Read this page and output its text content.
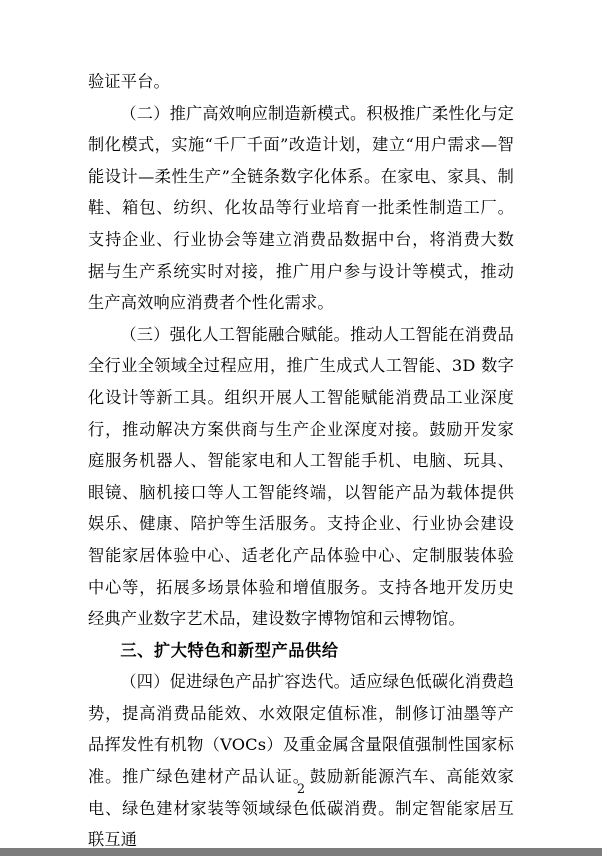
验证平台。

（二）推广高效响应制造新模式。积极推广柔性化与定制化模式，实施“千厂千面”改造计划，建立“用户需求—智能设计—柔性生产”全链条数字化体系。在家电、家具、制鞋、箱包、纺织、化妆品等行业培育一批柔性制造工厂。支持企业、行业协会等建立消费品数据中台，将消费大数据与生产系统实时对接，推广用户参与设计等模式，推动生产高效响应消费者个性化需求。

（三）强化人工智能融合赋能。推动人工智能在消费品全行业全领域全过程应用，推广生成式人工智能、3D 数字化设计等新工具。组织开展人工智能赋能消费品工业深度行，推动解决方案供商与生产企业深度对接。鼓励开发家庭服务机器人、智能家电和人工智能手机、电脑、玩具、眼镜、脑机接口等人工智能终端，以智能产品为载体提供娱乐、健康、陪护等生活服务。支持企业、行业协会建设智能家居体验中心、适老化产品体验中心、定制服装体验中心等，拓展多场景体验和增值服务。支持各地开发历史经典产业数字艺术品，建设数字博物馆和云博物馆。

三、扩大特色和新型产品供给

（四）促进绿色产品扩容迭代。适应绿色低碳化消费趋势，提高消费品能效、水效限定值标准，制修订油墨等产品挥发性有机物（VOCs）及重金属含量限值强制性国家标准。推广绿色建材产品认证。鼓励新能源汽车、高能效家电、绿色建材家装等领域绿色低碳消费。制定智能家居互联互通

2
